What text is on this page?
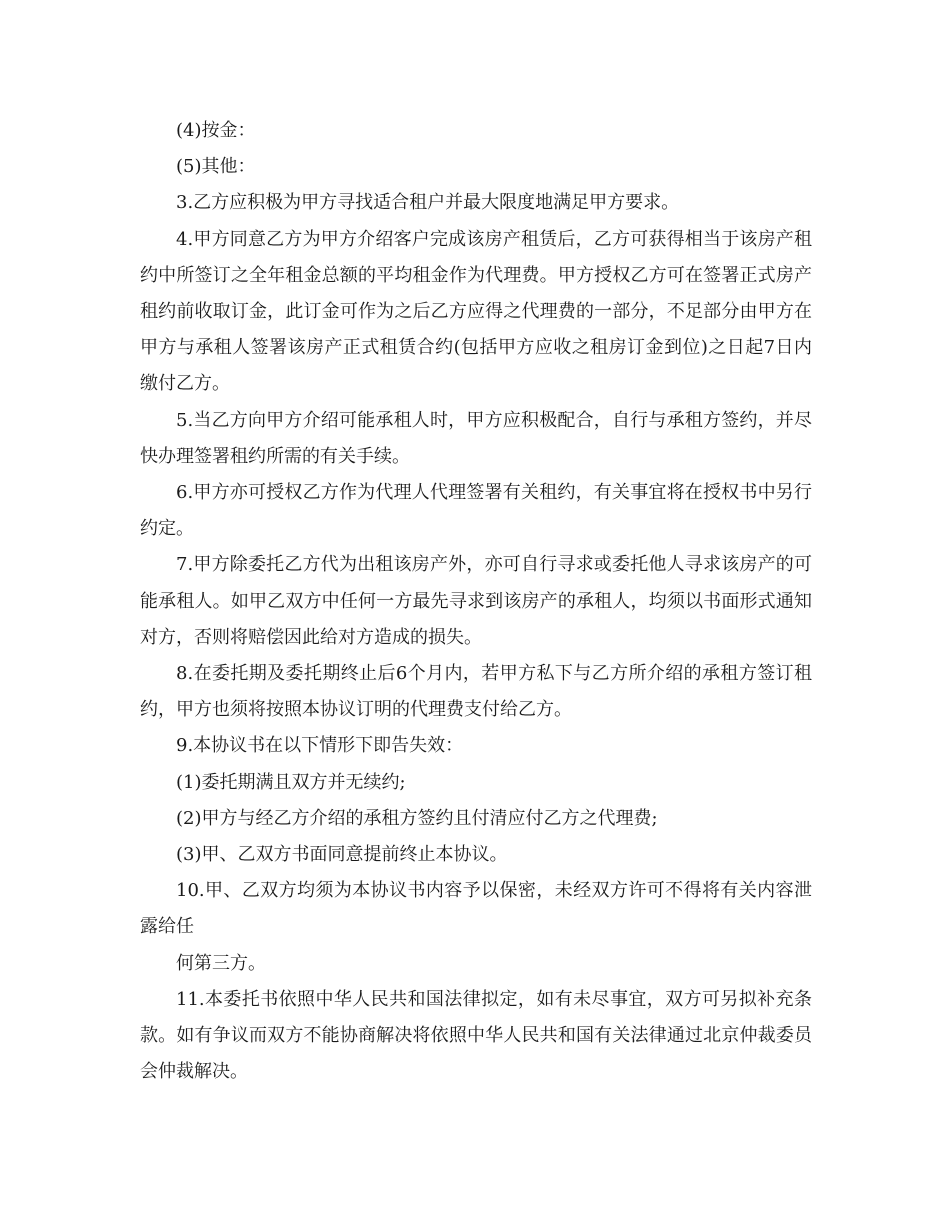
(4)按金：

(5)其他：

3.乙方应积极为甲方寻找适合租户并最大限度地满足甲方要求。

4.甲方同意乙方为甲方介绍客户完成该房产租赁后，乙方可获得相当于该房产租约中所签订之全年租金总额的平均租金作为代理费。甲方授权乙方可在签署正式房产租约前收取订金，此订金可作为之后乙方应得之代理费的一部分，不足部分由甲方在甲方与承租人签署该房产正式租赁合约(包括甲方应收之租房订金到位)之日起7日内缴付乙方。

5.当乙方向甲方介绍可能承租人时，甲方应积极配合，自行与承租方签约，并尽快办理签署租约所需的有关手续。

6.甲方亦可授权乙方作为代理人代理签署有关租约，有关事宜将在授权书中另行约定。

7.甲方除委托乙方代为出租该房产外，亦可自行寻求或委托他人寻求该房产的可能承租人。如甲乙双方中任何一方最先寻求到该房产的承租人，均须以书面形式通知对方，否则将赔偿因此给对方造成的损失。

8.在委托期及委托期终止后6个月内，若甲方私下与乙方所介绍的承租方签订租约，甲方也须将按照本协议订明的代理费支付给乙方。

9.本协议书在以下情形下即告失效：

(1)委托期满且双方并无续约;

(2)甲方与经乙方介绍的承租方签约且付清应付乙方之代理费;

(3)甲、乙双方书面同意提前终止本协议。

10.甲、乙双方均须为本协议书内容予以保密，未经双方许可不得将有关内容泄露给任

何第三方。

11.本委托书依照中华人民共和国法律拟定，如有未尽事宜，双方可另拟补充条款。如有争议而双方不能协商解决将依照中华人民共和国有关法律通过北京仲裁委员会仲裁解决。
